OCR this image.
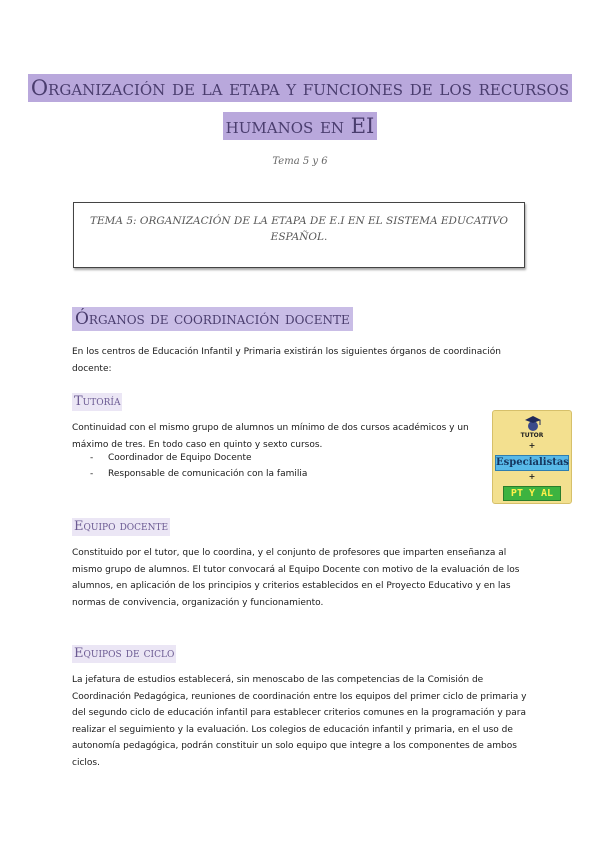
Organización de la etapa y funciones de los recursos
humanos en EI
Tema 5 y 6
TEMA 5: ORGANIZACIÓN DE LA ETAPA DE E.I EN EL SISTEMA EDUCATIVO
ESPAÑOL.
Órganos de coordinación docente

En los centros de Educación Infantil y Primaria existirán los siguientes órganos de coordinación docente:

Tutoría

Continuidad con el mismo grupo de alumnos un mínimo de dos cursos académicos y un máximo de tres. En todo caso en quinto y sexto cursos.

- Coordinador de Equipo Docente
- Responsable de comunicación con la familia
TUTOR
+
Especialistas
+
PT Y AL
Equipo docente

Constituido por el tutor, que lo coordina, y el conjunto de profesores que imparten enseñanza al mismo grupo de alumnos. El tutor convocará al Equipo Docente con motivo de la evaluación de los alumnos, en aplicación de los principios y criterios establecidos en el Proyecto Educativo y en las normas de convivencia, organización y funcionamiento.

Equipos de ciclo

La jefatura de estudios establecerá, sin menoscabo de las competencias de la Comisión de Coordinación Pedagógica, reuniones de coordinación entre los equipos del primer ciclo de primaria y del segundo ciclo de educación infantil para establecer criterios comunes en la programación y para realizar el seguimiento y la evaluación. Los colegios de educación infantil y primaria, en el uso de autonomía pedagógica, podrán constituir un solo equipo que integre a los componentes de ambos ciclos.
